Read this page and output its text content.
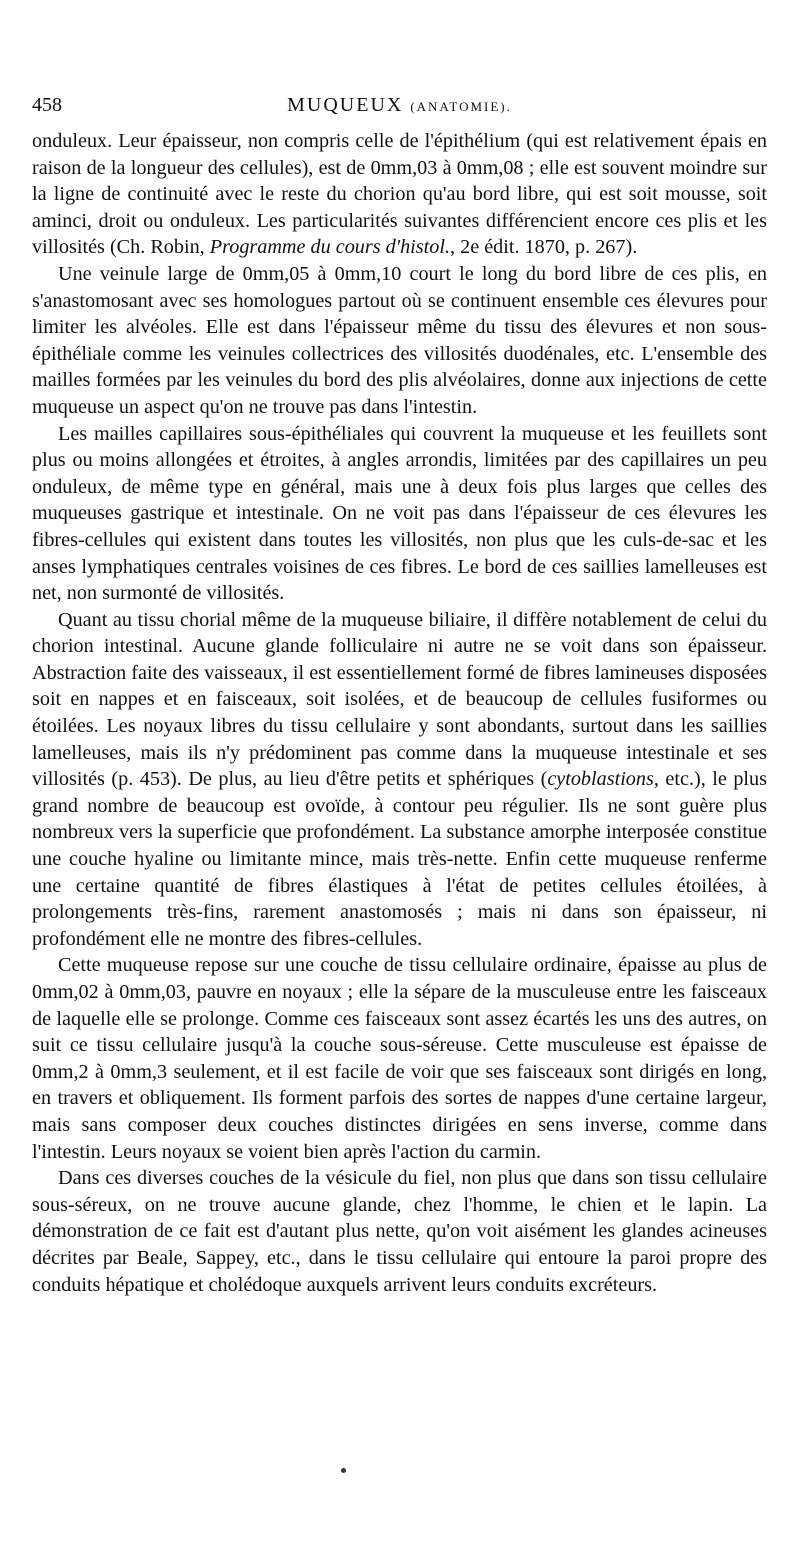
458	MUQUEUX (ANATOMIE).

onduleux. Leur épaisseur, non compris celle de l'épithélium (qui est relativement épais en raison de la longueur des cellules), est de 0mm,03 à 0mm,08 ; elle est souvent moindre sur la ligne de continuité avec le reste du chorion qu'au bord libre, qui est soit mousse, soit aminci, droit ou onduleux. Les particularités suivantes différencient encore ces plis et les villosités (Ch. Robin, Programme du cours d'histol., 2e édit. 1870, p. 267).

Une veinule large de 0mm,05 à 0mm,10 court le long du bord libre de ces plis, en s'anastomosant avec ses homologues partout où se continuent ensemble ces élevures pour limiter les alvéoles. Elle est dans l'épaisseur même du tissu des élevures et non sous-épithéliale comme les veinules collectrices des villosités duodénales, etc. L'ensemble des mailles formées par les veinules du bord des plis alvéolaires, donne aux injections de cette muqueuse un aspect qu'on ne trouve pas dans l'intestin.

Les mailles capillaires sous-épithéliales qui couvrent la muqueuse et les feuillets sont plus ou moins allongées et étroites, à angles arrondis, limitées par des capillaires un peu onduleux, de même type en général, mais une à deux fois plus larges que celles des muqueuses gastrique et intestinale. On ne voit pas dans l'épaisseur de ces élevures les fibres-cellules qui existent dans toutes les villosités, non plus que les culs-de-sac et les anses lymphatiques centrales voisines de ces fibres. Le bord de ces saillies lamelleuses est net, non surmonté de villosités.

Quant au tissu chorial même de la muqueuse biliaire, il diffère notablement de celui du chorion intestinal. Aucune glande folliculaire ni autre ne se voit dans son épaisseur. Abstraction faite des vaisseaux, il est essentiellement formé de fibres lamineuses disposées soit en nappes et en faisceaux, soit isolées, et de beaucoup de cellules fusiformes ou étoilées. Les noyaux libres du tissu cellulaire y sont abondants, surtout dans les saillies lamelleuses, mais ils n'y prédominent pas comme dans la muqueuse intestinale et ses villosités (p. 453). De plus, au lieu d'être petits et sphériques (cytoblastions, etc.), le plus grand nombre de beaucoup est ovoïde, à contour peu régulier. Ils ne sont guère plus nombreux vers la superficie que profondément. La substance amorphe interposée constitue une couche hyaline ou limitante mince, mais très-nette. Enfin cette muqueuse renferme une certaine quantité de fibres élastiques à l'état de petites cellules étoilées, à prolongements très-fins, rarement anastomosés ; mais ni dans son épaisseur, ni profondément elle ne montre des fibres-cellules.

Cette muqueuse repose sur une couche de tissu cellulaire ordinaire, épaisse au plus de 0mm,02 à 0mm,03, pauvre en noyaux ; elle la sépare de la musculeuse entre les faisceaux de laquelle elle se prolonge. Comme ces faisceaux sont assez écartés les uns des autres, on suit ce tissu cellulaire jusqu'à la couche sous-séreuse. Cette musculeuse est épaisse de 0mm,2 à 0mm,3 seulement, et il est facile de voir que ses faisceaux sont dirigés en long, en travers et obliquement. Ils forment parfois des sortes de nappes d'une certaine largeur, mais sans composer deux couches distinctes dirigées en sens inverse, comme dans l'intestin. Leurs noyaux se voient bien après l'action du carmin.

Dans ces diverses couches de la vésicule du fiel, non plus que dans son tissu cellulaire sous-séreux, on ne trouve aucune glande, chez l'homme, le chien et le lapin. La démonstration de ce fait est d'autant plus nette, qu'on voit aisément les glandes acineuses décrites par Beale, Sappey, etc., dans le tissu cellulaire qui entoure la paroi propre des conduits hépatique et cholédoque auxquels arrivent leurs conduits excréteurs.
